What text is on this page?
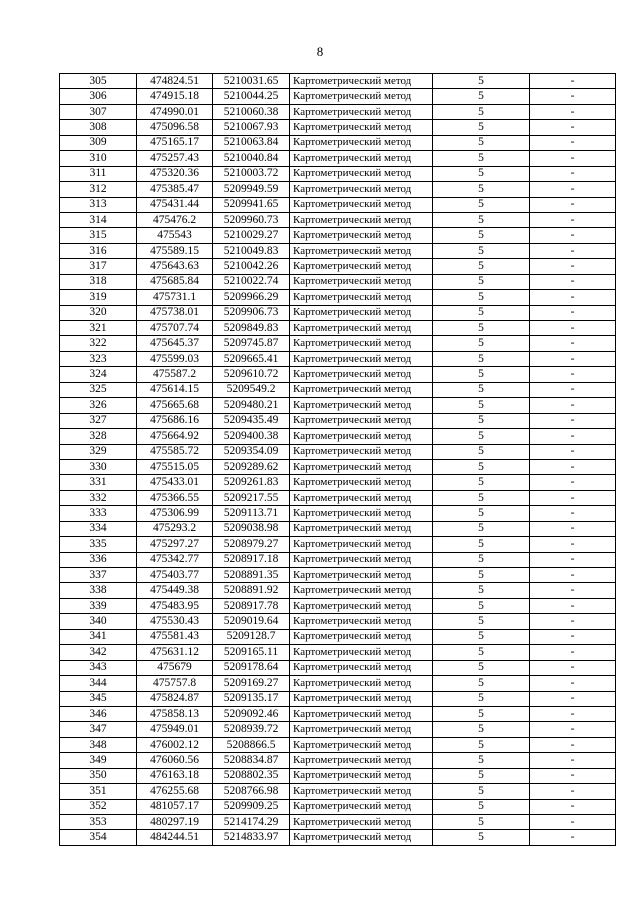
8
305	474824.51	5210031.65	Картометрический метод	5	-
306	474915.18	5210044.25	Картометрический метод	5	-
307	474990.01	5210060.38	Картометрический метод	5	-
308	475096.58	5210067.93	Картометрический метод	5	-
309	475165.17	5210063.84	Картометрический метод	5	-
310	475257.43	5210040.84	Картометрический метод	5	-
311	475320.36	5210003.72	Картометрический метод	5	-
312	475385.47	5209949.59	Картометрический метод	5	-
313	475431.44	5209941.65	Картометрический метод	5	-
314	475476.2	5209960.73	Картометрический метод	5	-
315	475543	5210029.27	Картометрический метод	5	-
316	475589.15	5210049.83	Картометрический метод	5	-
317	475643.63	5210042.26	Картометрический метод	5	-
318	475685.84	5210022.74	Картометрический метод	5	-
319	475731.1	5209966.29	Картометрический метод	5	-
320	475738.01	5209906.73	Картометрический метод	5	-
321	475707.74	5209849.83	Картометрический метод	5	-
322	475645.37	5209745.87	Картометрический метод	5	-
323	475599.03	5209665.41	Картометрический метод	5	-
324	475587.2	5209610.72	Картометрический метод	5	-
325	475614.15	5209549.2	Картометрический метод	5	-
326	475665.68	5209480.21	Картометрический метод	5	-
327	475686.16	5209435.49	Картометрический метод	5	-
328	475664.92	5209400.38	Картометрический метод	5	-
329	475585.72	5209354.09	Картометрический метод	5	-
330	475515.05	5209289.62	Картометрический метод	5	-
331	475433.01	5209261.83	Картометрический метод	5	-
332	475366.55	5209217.55	Картометрический метод	5	-
333	475306.99	5209113.71	Картометрический метод	5	-
334	475293.2	5209038.98	Картометрический метод	5	-
335	475297.27	5208979.27	Картометрический метод	5	-
336	475342.77	5208917.18	Картометрический метод	5	-
337	475403.77	5208891.35	Картометрический метод	5	-
338	475449.38	5208891.92	Картометрический метод	5	-
339	475483.95	5208917.78	Картометрический метод	5	-
340	475530.43	5209019.64	Картометрический метод	5	-
341	475581.43	5209128.7	Картометрический метод	5	-
342	475631.12	5209165.11	Картометрический метод	5	-
343	475679	5209178.64	Картометрический метод	5	-
344	475757.8	5209169.27	Картометрический метод	5	-
345	475824.87	5209135.17	Картометрический метод	5	-
346	475858.13	5209092.46	Картометрический метод	5	-
347	475949.01	5208939.72	Картометрический метод	5	-
348	476002.12	5208866.5	Картометрический метод	5	-
349	476060.56	5208834.87	Картометрический метод	5	-
350	476163.18	5208802.35	Картометрический метод	5	-
351	476255.68	5208766.98	Картометрический метод	5	-
352	481057.17	5209909.25	Картометрический метод	5	-
353	480297.19	5214174.29	Картометрический метод	5	-
354	484244.51	5214833.97	Картометрический метод	5	-
